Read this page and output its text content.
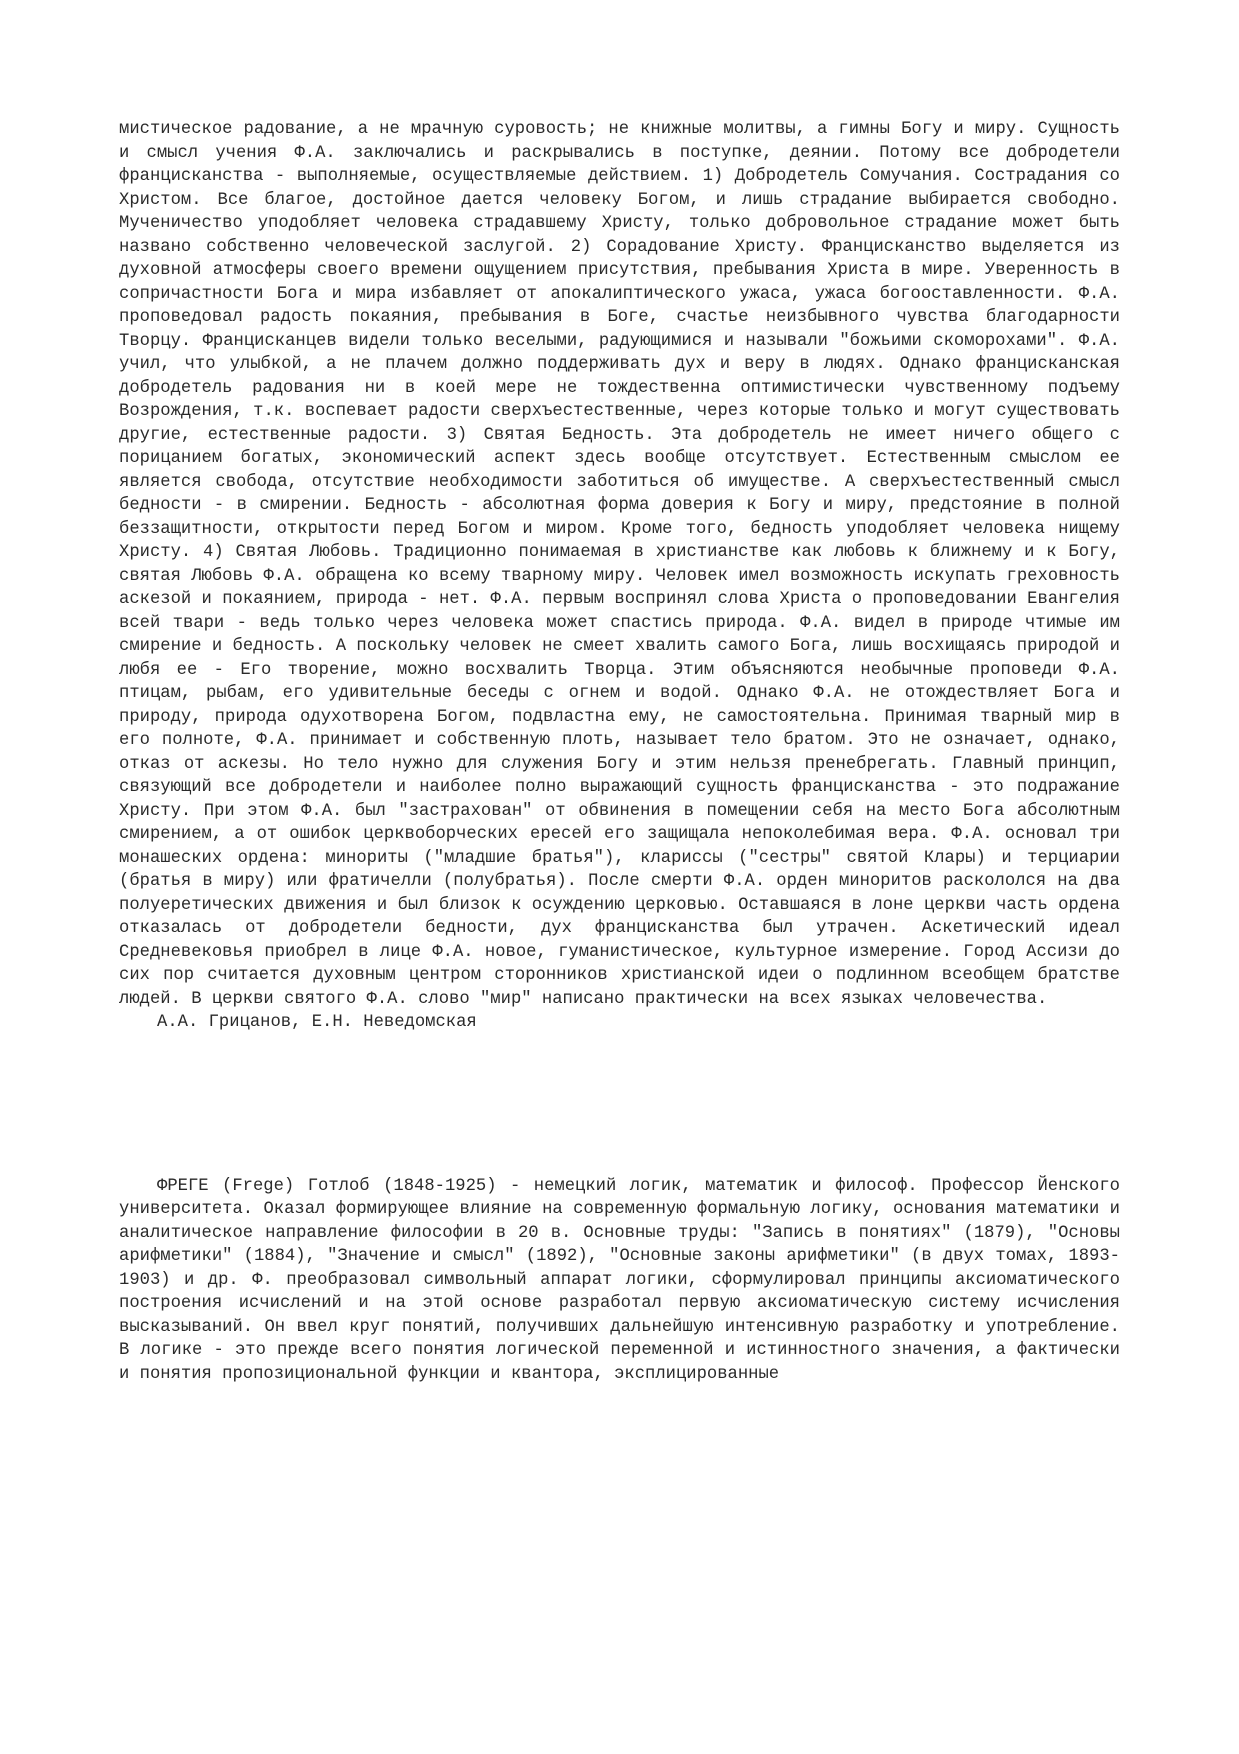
мистическое радование, а не мрачную суровость; не книжные молитвы, а гимны Богу и миру. Сущность и смысл учения Ф.А. заключались и раскрывались в поступке, деянии. Потому все добродетели францисканства - выполняемые, осуществляемые действием. 1) Добродетель Сомучания. Сострадания со Христом. Все благое, достойное дается человеку Богом, и лишь страдание выбирается свободно. Мученичество уподобляет человека страдавшему Христу, только добровольное страдание может быть названо собственно человеческой заслугой. 2) Сорадование Христу. Францисканство выделяется из духовной атмосферы своего времени ощущением присутствия, пребывания Христа в мире. Уверенность в сопричастности Бога и мира избавляет от апокалиптического ужаса, ужаса богооставленности. Ф.А. проповедовал радость покаяния, пребывания в Боге, счастье неизбывного чувства благодарности Творцу. Францисканцев видели только веселыми, радующимися и называли "божьими скоморохами". Ф.А. учил, что улыбкой, а не плачем должно поддерживать дух и веру в людях. Однако францисканская добродетель радования ни в коей мере не тождественна оптимистически чувственному подъему Возрождения, т.к. воспевает радости сверхъестественные, через которые только и могут существовать другие, естественные радости. 3) Святая Бедность. Эта добродетель не имеет ничего общего с порицанием богатых, экономический аспект здесь вообще отсутствует. Естественным смыслом ее является свобода, отсутствие необходимости заботиться об имуществе. А сверхъестественный смысл бедности - в смирении. Бедность - абсолютная форма доверия к Богу и миру, предстояние в полной беззащитности, открытости перед Богом и миром. Кроме того, бедность уподобляет человека нищему Христу. 4) Святая Любовь. Традиционно понимаемая в христианстве как любовь к ближнему и к Богу, святая Любовь Ф.А. обращена ко всему тварному миру. Человек имел возможность искупать греховность аскезой и покаянием, природа - нет. Ф.А. первым воспринял слова Христа о проповедовании Евангелия всей твари - ведь только через человека может спастись природа. Ф.А. видел в природе чтимые им смирение и бедность. А поскольку человек не смеет хвалить самого Бога, лишь восхищаясь природой и любя ее - Его творение, можно восхвалить Творца. Этим объясняются необычные проповеди Ф.А. птицам, рыбам, его удивительные беседы с огнем и водой. Однако Ф.А. не отождествляет Бога и природу, природа одухотворена Богом, подвластна ему, не самостоятельна. Принимая тварный мир в его полноте, Ф.А. принимает и собственную плоть, называет тело братом. Это не означает, однако, отказ от аскезы. Но тело нужно для служения Богу и этим нельзя пренебрегать. Главный принцип, связующий все добродетели и наиболее полно выражающий сущность францисканства - это подражание Христу. При этом Ф.А. был "застрахован" от обвинения в помещении себя на место Бога абсолютным смирением, а от ошибок церквоборческих ересей его защищала непоколебимая вера. Ф.А. основал три монашеских ордена: минориты ("младшие братья"), клариссы ("сестры" святой Клары) и терциарии (братья в миру) или фратичелли (полубратья). После смерти Ф.А. орден миноритов раскололся на два полуеретических движения и был близок к осуждению церковью. Оставшаяся в лоне церкви часть ордена отказалась от добродетели бедности, дух францисканства был утрачен. Аскетический идеал Средневековья приобрел в лице Ф.А. новое, гуманистическое, культурное измерение. Город Ассизи до сих пор считается духовным центром сторонников христианской идеи о подлинном всеобщем братстве людей. В церкви святого Ф.А. слово "мир" написано практически на всех языках человечества.

А.А. Грицанов, Е.Н. Неведомская

ФРЕГЕ (Frege) Готлоб (1848-1925) - немецкий логик, математик и философ. Профессор Йенского университета. Оказал формирующее влияние на современную формальную логику, основания математики и аналитическое направление философии в 20 в. Основные труды: "Запись в понятиях" (1879), "Основы арифметики" (1884), "Значение и смысл" (1892), "Основные законы арифметики" (в двух томах, 1893-1903) и др. Ф. преобразовал символьный аппарат логики, сформулировал принципы аксиоматического построения исчислений и на этой основе разработал первую аксиоматическую систему исчисления высказываний. Он ввел круг понятий, получивших дальнейшую интенсивную разработку и употребление. В логике - это прежде всего понятия логической переменной и истинностного значения, а фактически и понятия пропозициональной функции и квантора, эксплицированные
